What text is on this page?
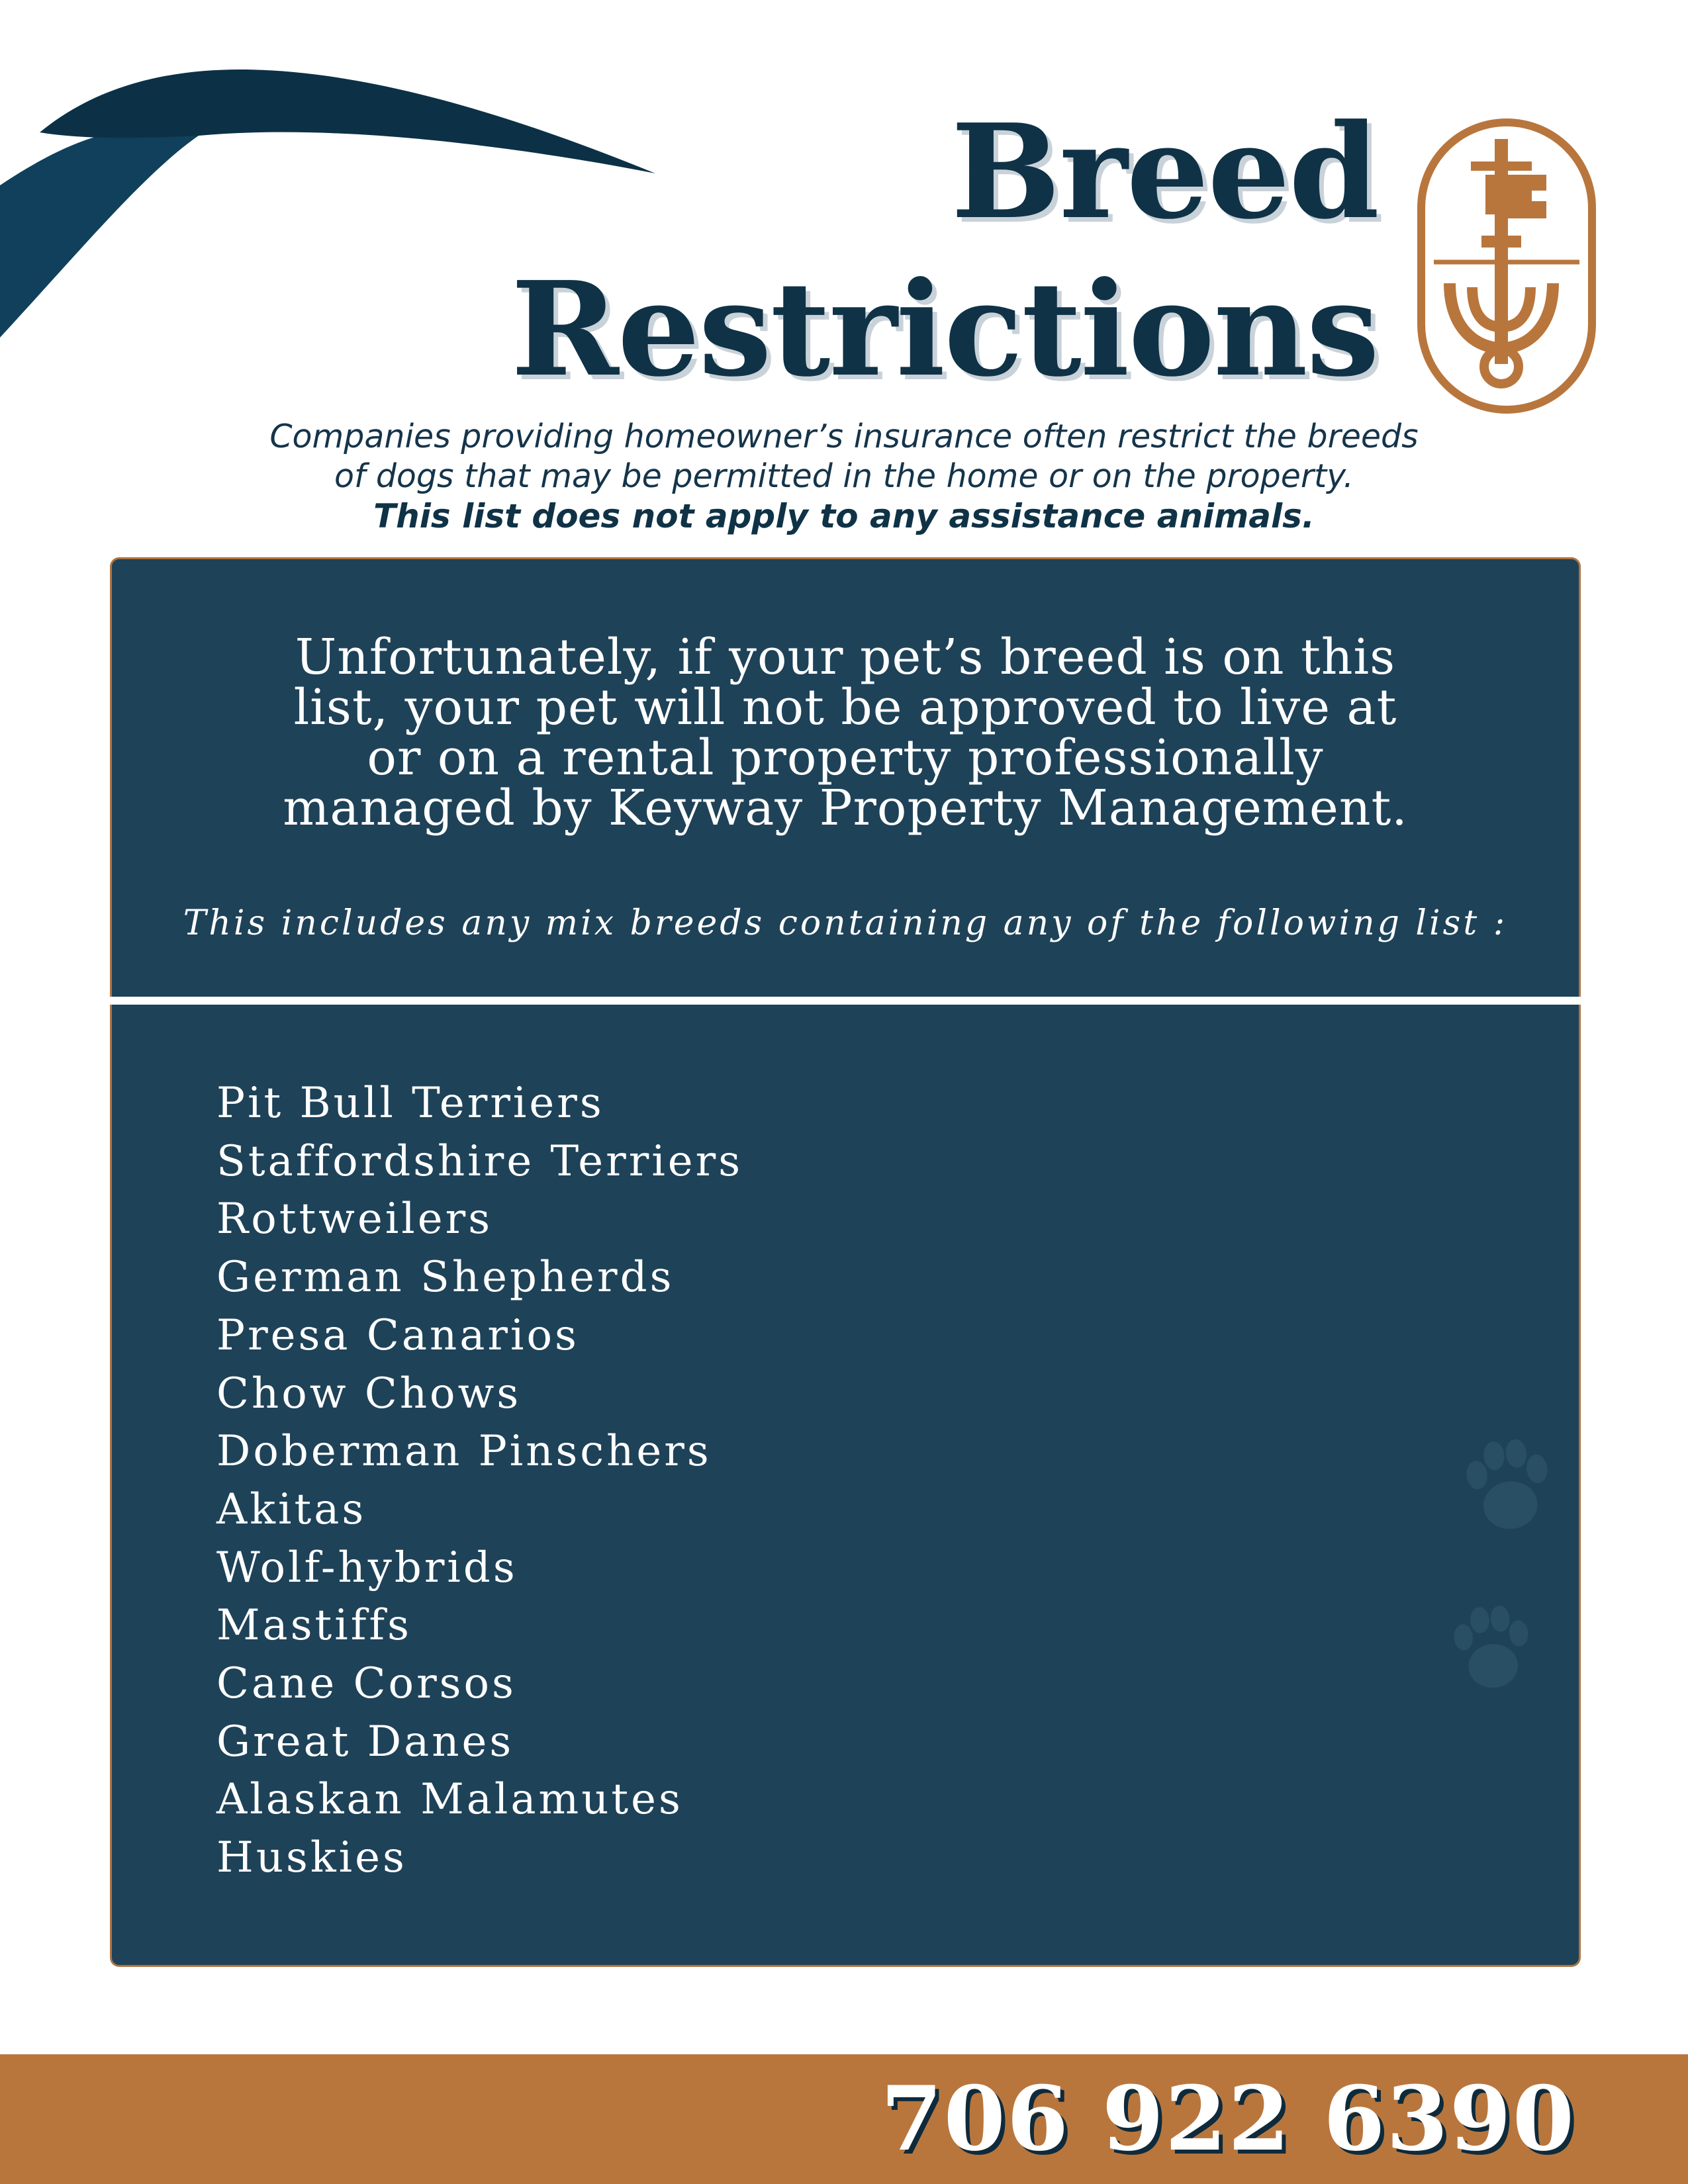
Breed
Restrictions
Companies providing homeowner’s insurance often restrict the breeds
of dogs that may be permitted in the home or on the property.
This list does not apply to any assistance animals.
Unfortunately, if your pet’s breed is on this
list, your pet will not be approved to live at
or on a rental property professionally
managed by Keyway Property Management.
This includes any mix breeds containing any of the following list :
Pit Bull Terriers
Staffordshire Terriers
Rottweilers
German Shepherds
Presa Canarios
Chow Chows
Doberman Pinschers
Akitas
Wolf-hybrids
Mastiffs
Cane Corsos
Great Danes
Alaskan Malamutes
Huskies
706 922 6390
